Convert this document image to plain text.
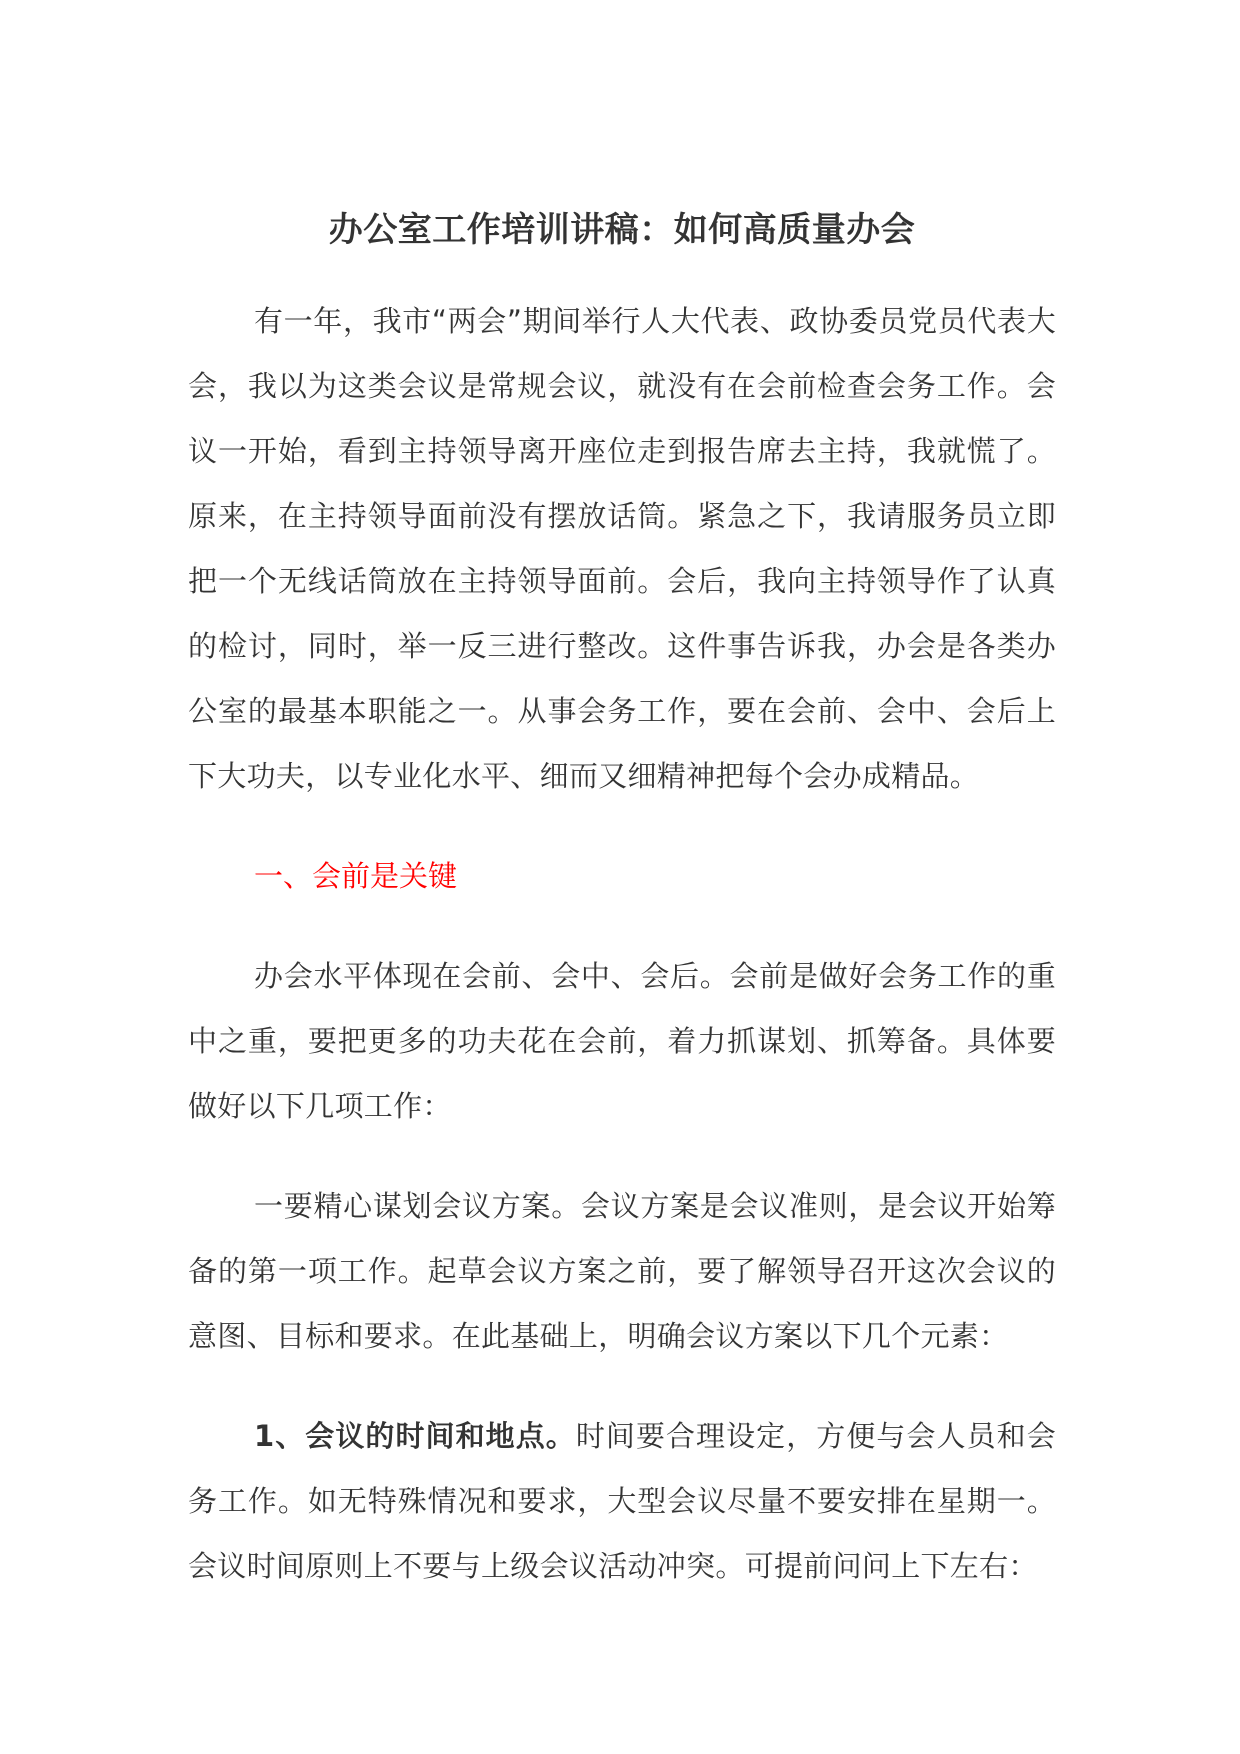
办公室工作培训讲稿：如何高质量办会

有一年，我市“两会”期间举行人大代表、政协委员党员代表大会，我以为这类会议是常规会议，就没有在会前检查会务工作。会议一开始，看到主持领导离开座位走到报告席去主持，我就慌了。原来，在主持领导面前没有摆放话筒。紧急之下，我请服务员立即把一个无线话筒放在主持领导面前。会后，我向主持领导作了认真的检讨，同时，举一反三进行整改。这件事告诉我，办会是各类办公室的最基本职能之一。从事会务工作，要在会前、会中、会后上下大功夫，以专业化水平、细而又细精神把每个会办成精品。

一、会前是关键

办会水平体现在会前、会中、会后。会前是做好会务工作的重中之重，要把更多的功夫花在会前，着力抓谋划、抓筹备。具体要做好以下几项工作：

一要精心谋划会议方案。会议方案是会议准则，是会议开始筹备的第一项工作。起草会议方案之前，要了解领导召开这次会议的意图、目标和要求。在此基础上，明确会议方案以下几个元素：

1、会议的时间和地点。时间要合理设定，方便与会人员和会务工作。如无特殊情况和要求，大型会议尽量不要安排在星期一。会议时间原则上不要与上级会议活动冲突。可提前问问上下左右：
